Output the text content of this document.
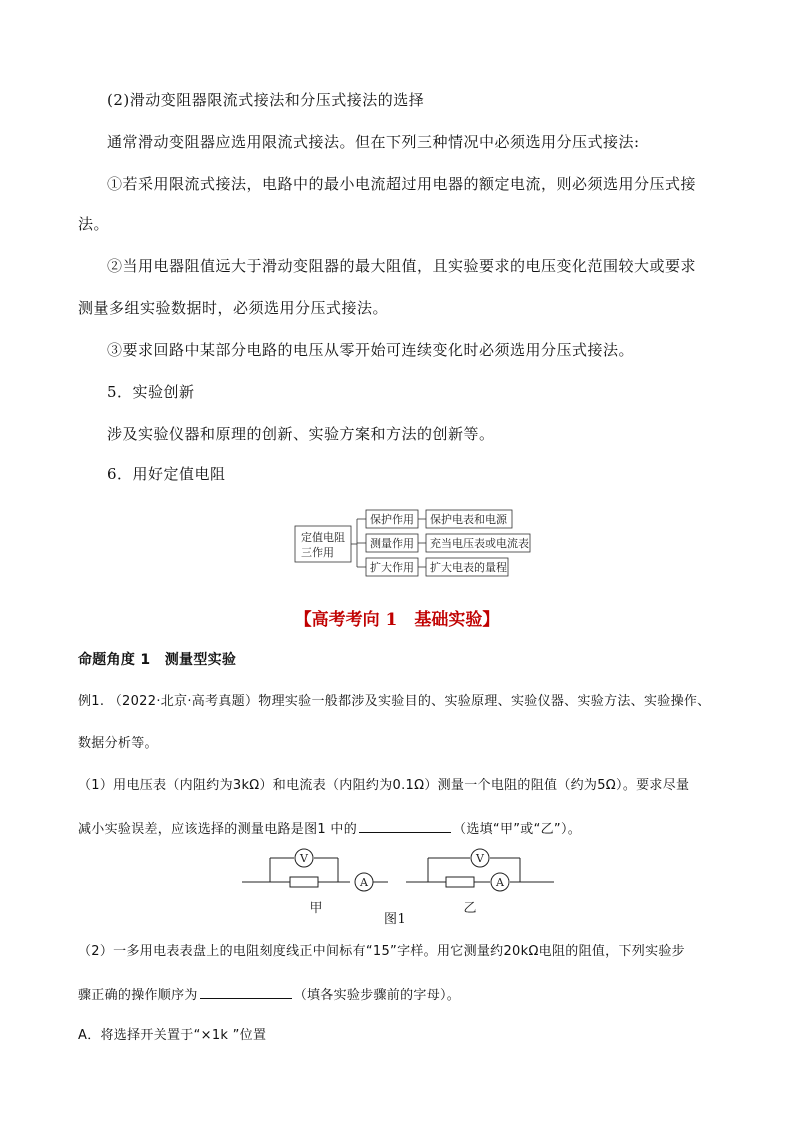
(2)滑动变阻器限流式接法和分压式接法的选择
通常滑动变阻器应选用限流式接法。但在下列三种情况中必须选用分压式接法:
①若采用限流式接法，电路中的最小电流超过用电器的额定电流，则必须选用分压式接
法。
②当用电器阻值远大于滑动变阻器的最大阻值，且实验要求的电压变化范围较大或要求
测量多组实验数据时，必须选用分压式接法。
③要求回路中某部分电路的电压从零开始可连续变化时必须选用分压式接法。
5．实验创新
涉及实验仪器和原理的创新、实验方案和方法的创新等。
6．用好定值电阻
定值电阻
三作用
保护作用
测量作用
扩大作用
保护电表和电源
充当电压表或电流表
扩大电表的量程
【高考考向 1　基础实验】
命题角度 1　测量型实验
例1. （2022·北京·高考真题）物理实验一般都涉及实验目的、实验原理、实验仪器、实验方法、实验操作、
数据分析等。
（1）用电压表（内阻约为3kΩ）和电流表（内阻约为0.1Ω）测量一个电阻的阻值（约为5Ω）。要求尽量
减小实验误差，应该选择的测量电路是图1 中的	（选填“甲”或“乙”）。
V
A
V
A
甲	乙
图1
（2）一多用电表表盘上的电阻刻度线正中间标有“15”字样。用它测量约20kΩ电阻的阻值，下列实验步
骤正确的操作顺序为	（填各实验步骤前的字母）。
A．将选择开关置于“×1k ”位置
